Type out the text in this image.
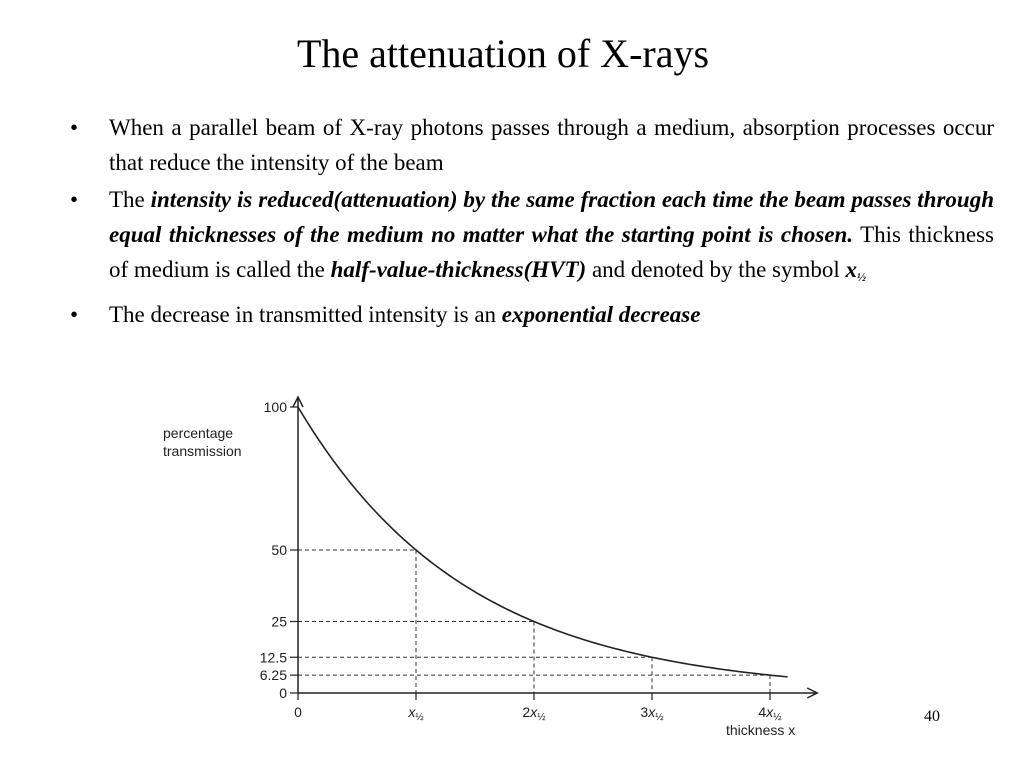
The attenuation of X-rays
• When a parallel beam of X-ray photons passes through a medium, absorption processes occur that reduce the intensity of the beam
• The intensity is reduced(attenuation) by the same fraction each time the beam passes through equal thicknesses of the medium no matter what the starting point is chosen. This thickness of medium is called the half-value-thickness(HVT) and denoted by the symbol $x_{\frac{1}{2}}$
• The decrease in transmitted intensity is an exponential decrease
percentage
transmission
thickness x
100
50
25
12.5
6.25
0
0	$x_{\frac{1}{2}}$	$2x_{\frac{1}{2}}$	$3x_{\frac{1}{2}}$	$4x_{\frac{1}{2}}$	40
